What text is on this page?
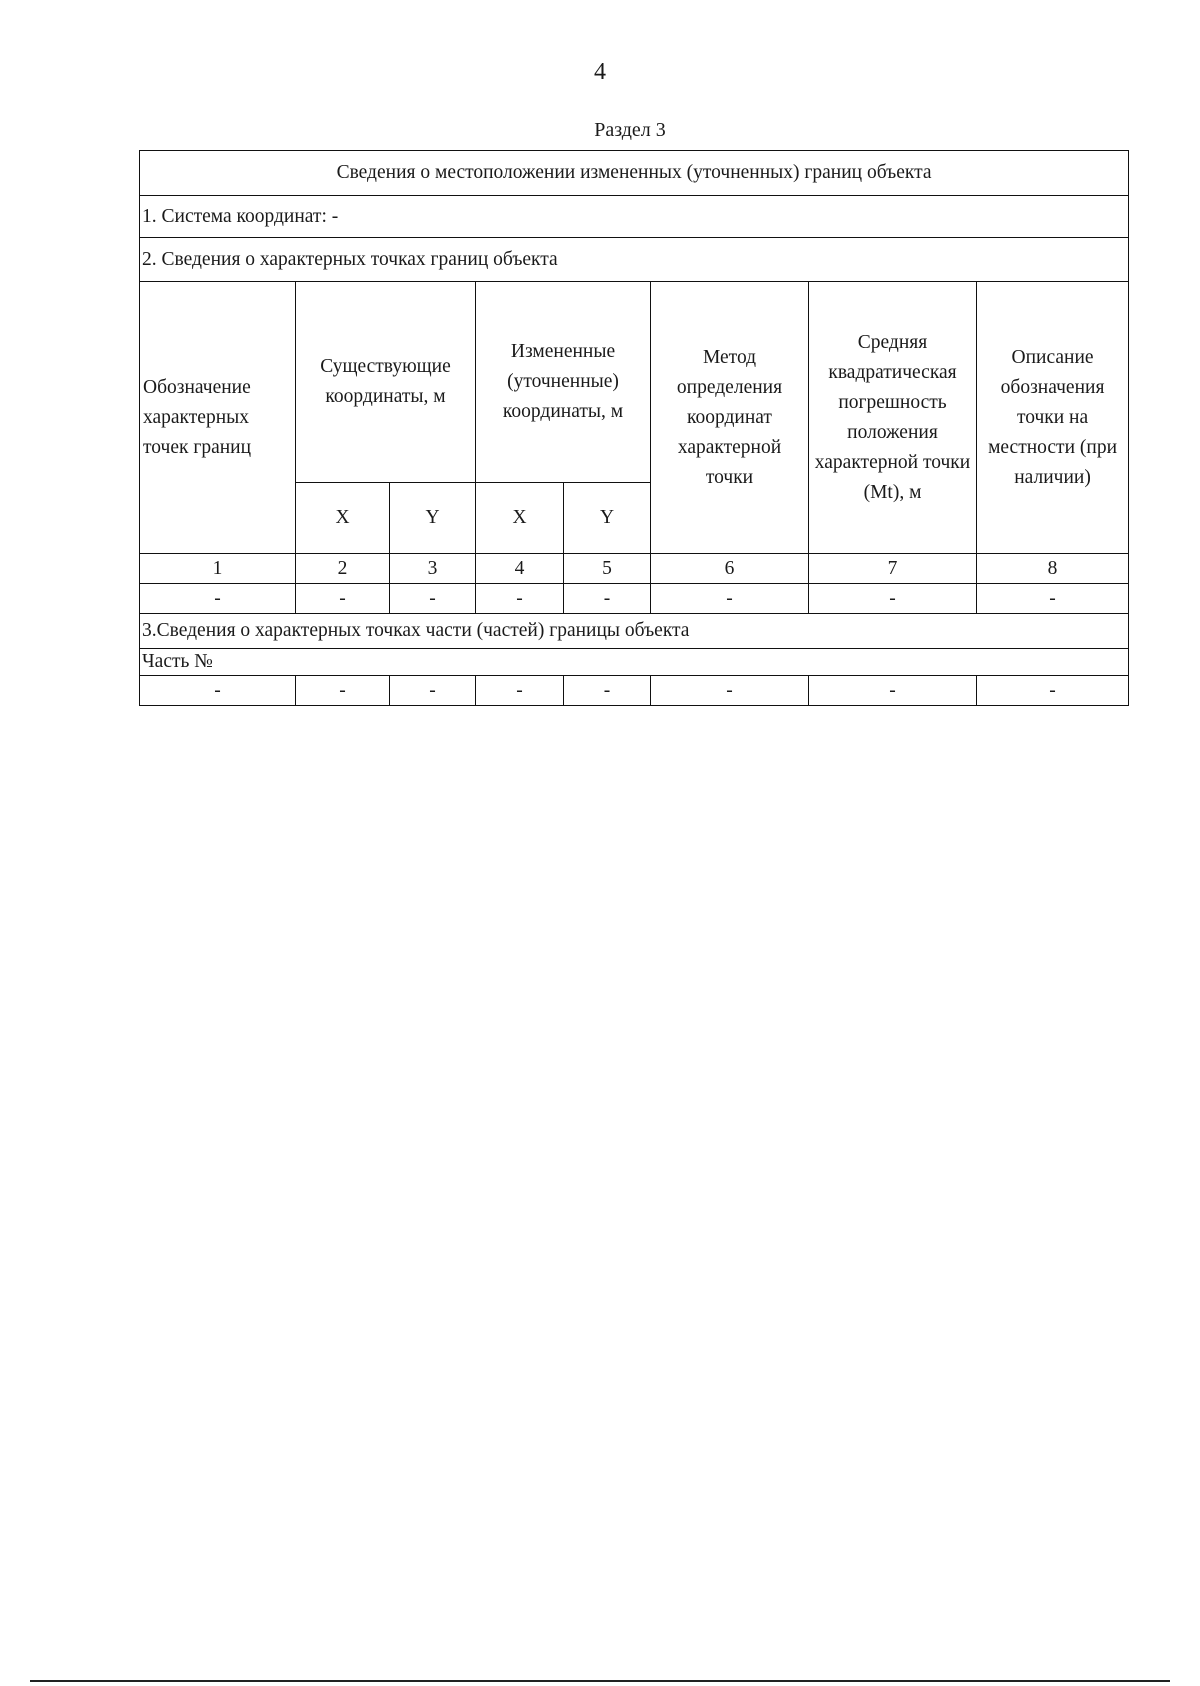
4
Раздел 3
Сведения о местоположении измененных (уточненных) границ объекта							
1. Система координат: -							
2. Сведения о характерных точках границ объекта							
Обозначение характерных точек границ	Существующие координаты, м		Измененные (уточненные) координаты, м		Метод определения координат характерной точки	Средняя квадратическая погрешность положения характерной точки (Mt), м	Описание обозначения точки на местности (при наличии)
	X	Y	X	Y			
1	2	3	4	5	6	7	8
-	-	-	-	-	-	-	-
3.Сведения о характерных точках части (частей) границы объекта							
Часть №							
-	-	-	-	-	-	-	-
